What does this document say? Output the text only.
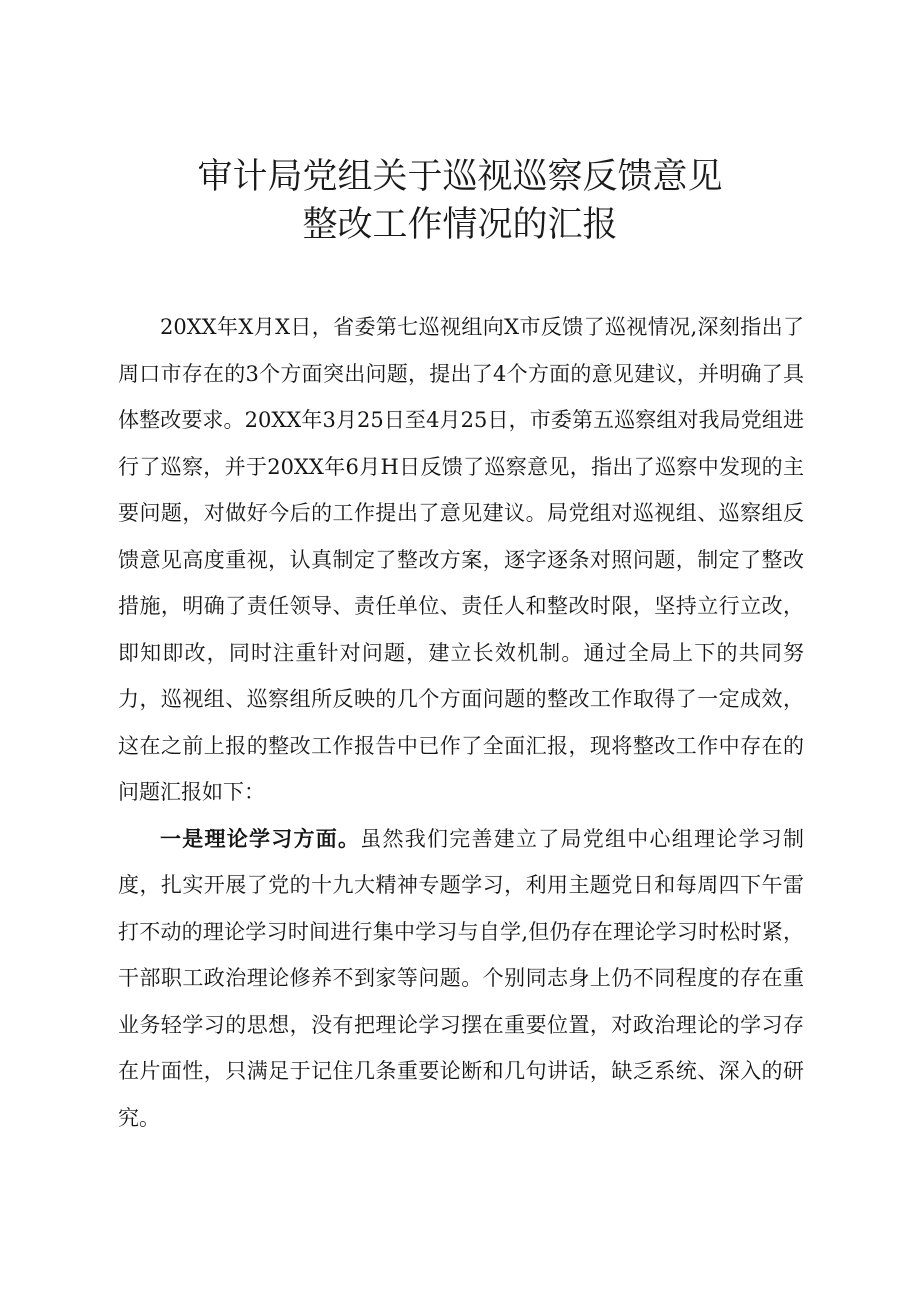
审计局党组关于巡视巡察反馈意见
整改工作情况的汇报

20XX年X月X日，省委第七巡视组向X市反馈了巡视情况,深刻指出了周口市存在的3个方面突出问题，提出了4个方面的意见建议，并明确了具体整改要求。20XX年3月25日至4月25日，市委第五巡察组对我局党组进行了巡察，并于20XX年6月H日反馈了巡察意见，指出了巡察中发现的主要问题，对做好今后的工作提出了意见建议。局党组对巡视组、巡察组反馈意见高度重视，认真制定了整改方案，逐字逐条对照问题，制定了整改措施，明确了责任领导、责任单位、责任人和整改时限，坚持立行立改，即知即改，同时注重针对问题，建立长效机制。通过全局上下的共同努力，巡视组、巡察组所反映的几个方面问题的整改工作取得了一定成效，这在之前上报的整改工作报告中已作了全面汇报，现将整改工作中存在的问题汇报如下：

一是理论学习方面。虽然我们完善建立了局党组中心组理论学习制度，扎实开展了党的十九大精神专题学习，利用主题党日和每周四下午雷打不动的理论学习时间进行集中学习与自学,但仍存在理论学习时松时紧，干部职工政治理论修养不到家等问题。个别同志身上仍不同程度的存在重业务轻学习的思想，没有把理论学习摆在重要位置，对政治理论的学习存在片面性，只满足于记住几条重要论断和几句讲话，缺乏系统、深入的研究。
